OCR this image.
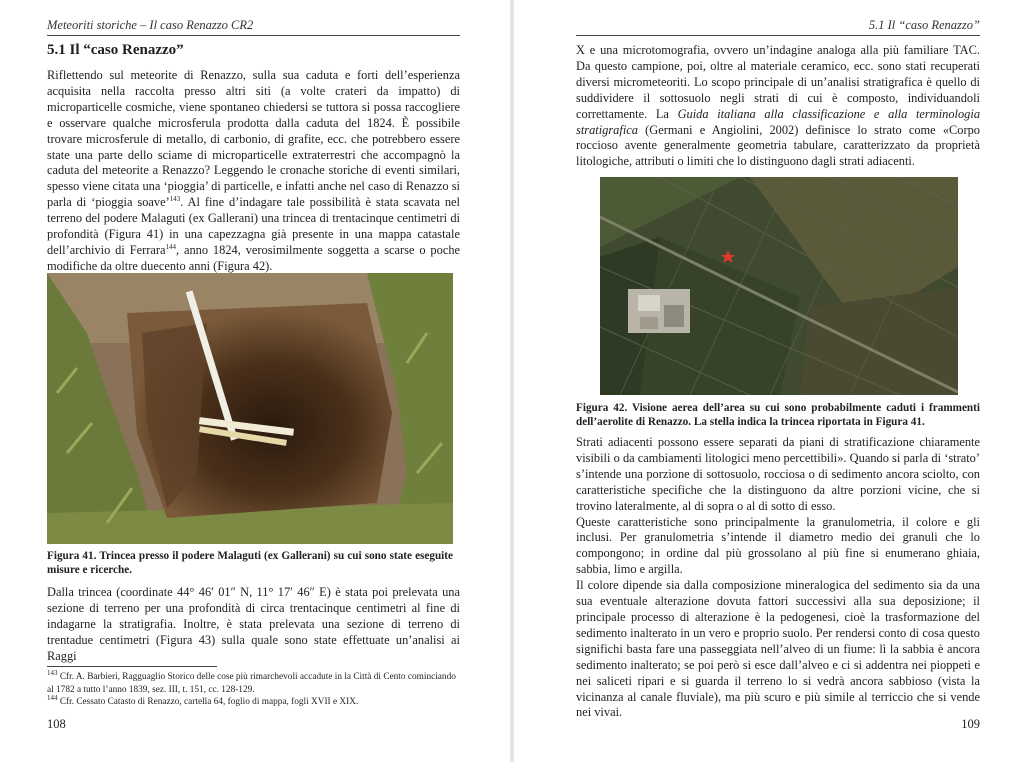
Meteoriti storiche – Il caso Renazzo CR2
5.1 Il “caso Renazzo”

Riflettendo sul meteorite di Renazzo, sulla sua caduta e forti dell’esperienza acquisita nella raccolta presso altri siti (a volte crateri da impatto) di microparticelle cosmiche, viene spontaneo chiedersi se tuttora si possa raccogliere e osservare qualche microsferula prodotta dalla caduta del 1824. È possibile trovare microsferule di metallo, di carbonio, di grafite, ecc. che potrebbero essere state una parte dello sciame di microparticelle extraterrestri che accompagnò la caduta del meteorite a Renazzo? Leggendo le cronache storiche di eventi similari, spesso viene citata una ‘pioggia’ di particelle, e infatti anche nel caso di Renazzo si parla di ‘pioggia soave’$^{143}$. Al fine d’indagare tale possibilità è stata scavata nel terreno del podere Malaguti (ex Gallerani) una trincea di trentacinque centimetri di profondità (Figura 41) in una capezzagna già presente in una mappa catastale dell’archivio di Ferrara$^{144}$, anno 1824, verosimilmente soggetta a scarse o poche modifiche da oltre duecento anni (Figura 42).

Figura 41. Trincea presso il podere Malaguti (ex Gallerani) su cui sono state eseguite misure e ricerche.
Dalla trincea (coordinate 44° 46′ 01″ N, 11° 17′ 46″ E) è stata poi prelevata una sezione di terreno per una profondità di circa trentacinque centimetri al fine di indagarne la stratigrafia. Inoltre, è stata prelevata una sezione di terreno di trentadue centimetri (Figura 43) sulla quale sono state effettuate un’analisi ai Raggi

$^{143}$ Cfr. A. Barbieri, Ragguaglio Storico delle cose più rimarchevoli accadute in la Città di Cento cominciando al 1782 a tutto l’anno 1839, sez. III, t. 151, cc. 128-129.

$^{144}$ Cfr. Cessato Catasto di Renazzo, cartella 64, foglio di mappa, fogli XVII e XIX.

108
5.1 Il “caso Renazzo”

X e una microtomografia, ovvero un’indagine analoga alla più familiare TAC. Da questo campione, poi, oltre al materiale ceramico, ecc. sono stati recuperati diversi micrometeoriti. Lo scopo principale di un’analisi stratigrafica è quello di suddividere il sottosuolo negli strati di cui è composto, individuandoli correttamente. La Guida italiana alla classificazione e alla terminologia stratigrafica (Germani e Angiolini, 2002) definisce lo strato come «Corpo roccioso avente generalmente geometria tabulare, caratterizzato da proprietà litologiche, attributi o limiti che lo distinguono dagli strati adiacenti.

Figura 42. Visione aerea dell’area su cui sono probabilmente caduti i frammenti dell’aerolite di Renazzo. La stella indica la trincea riportata in Figura 41.

Strati adiacenti possono essere separati da piani di stratificazione chiaramente visibili o da cambiamenti litologici meno percettibili». Quando si parla di ‘strato’ s’intende una porzione di sottosuolo, rocciosa o di sedimento ancora sciolto, con caratteristiche specifiche che la distinguono da altre porzioni vicine, che si trovino lateralmente, al di sopra o al di sotto di esso.

Queste caratteristiche sono principalmente la granulometria, il colore e gli inclusi. Per granulometria s’intende il diametro medio dei granuli che lo compongono; in ordine dal più grossolano al più fine si enumerano ghiaia, sabbia, limo e argilla.

Il colore dipende sia dalla composizione mineralogica del sedimento sia da una sua eventuale alterazione dovuta fattori successivi alla sua deposizione; il principale processo di alterazione è la pedogenesi, cioè la trasformazione del sedimento inalterato in un vero e proprio suolo. Per rendersi conto di cosa questo significhi basta fare una passeggiata nell’alveo di un fiume: lì la sabbia è ancora sedimento inalterato; se poi però si esce dall’alveo e ci si addentra nei pioppeti e nei saliceti ripari e si guarda il terreno lo si vedrà ancora sabbioso (vista la vicinanza al canale fluviale), ma più scuro e più simile al terriccio che si vende nei vivai.

109
